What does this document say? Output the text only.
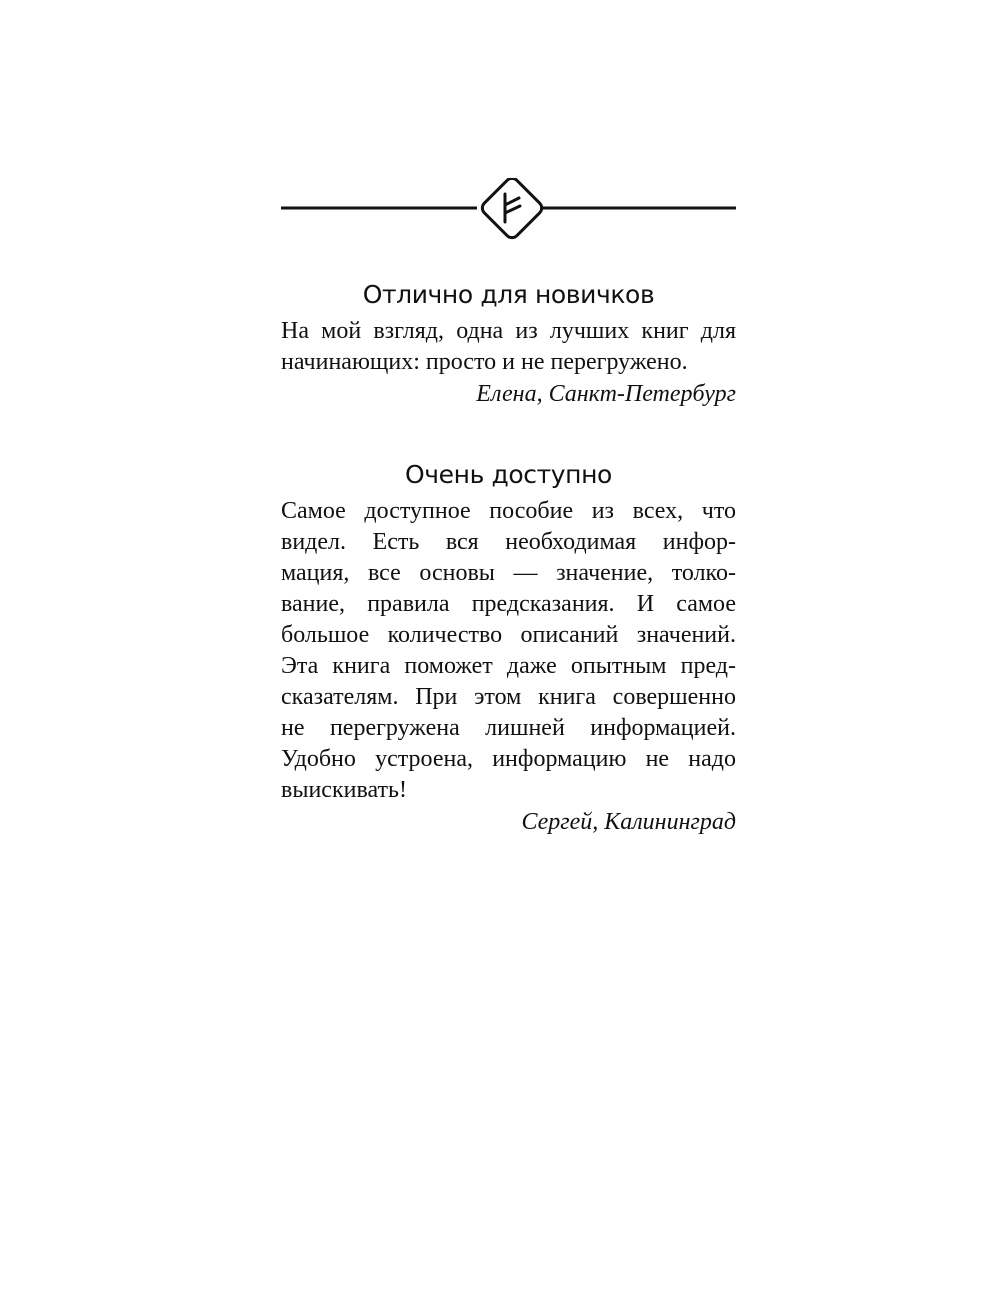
Отлично для новичков

На мой взгляд, одна из лучших книг для
начинающих: просто и не перегружено.

Елена, Санкт-Петербург
Очень доступно

Самое доступное пособие из всех, что
видел. Есть вся необходимая инфор-
мация, все основы — значение, толко-
вание, правила предсказания. И самое
большое количество описаний значений.
Эта книга поможет даже опытным пред-
сказателям. При этом книга совершенно
не перегружена лишней информацией.
Удобно устроена, информацию не надо
выискивать!

Сергей, Калининград
